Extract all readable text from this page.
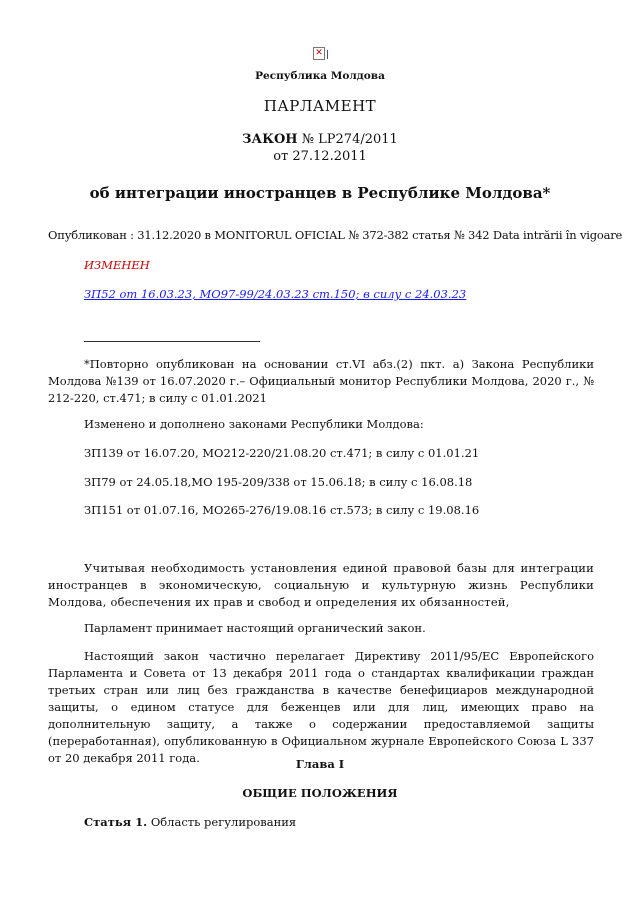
✕
Республика Молдова
ПАРЛАМЕНТ
ЗАКОН № LP274/2011
от 27.12.2011
об интеграции иностранцев в Республике Молдова*
Опубликован : 31.12.2020 в MONITORUL OFICIAL № 372-382 статья № 342 Data intrării în vigoare
ИЗМЕНЕН
ЗП52 от 16.03.23, MO97-99/24.03.23 ст.150; в силу с 24.03.23

*Повторно опубликован на основании ст.VI абз.(2) пкт. a) Закона Республики Молдова №139 от 16.07.2020 г.– Официальный монитор Республики Молдова, 2020 г., № 212-220, ст.471; в силу с 01.01.2021

Изменено и дополнено законами Республики Молдова:
ЗП139 от 16.07.20, MO212-220/21.08.20 ст.471; в силу с 01.01.21
ЗП79 от 24.05.18,MO 195-209/338 от 15.06.18; в силу с 16.08.18
ЗП151 от 01.07.16, MO265-276/19.08.16 ст.573; в силу с 19.08.16

Учитывая необходимость установления единой правовой базы для интеграции иностранцев в экономическую, социальную и культурную жизнь Республики Молдова, обеспечения их прав и свобод и определения их обязанностей,

Парламент принимает настоящий органический закон.

Настоящий закон частично перелагает Директиву 2011/95/ЕС Европейского Парламента и Совета от 13 декабря 2011 года о стандартах квалификации граждан третьих стран или лиц без гражданства в качестве бенефициаров международной защиты, о едином статусе для беженцев или для лиц, имеющих право на дополнительную защиту, а также о содержании предоставляемой защиты (переработанная), опубликованную в Официальном журнале Европейского Союза L 337 от 20 декабря 2011 года.	Глава I
ОБЩИЕ ПОЛОЖЕНИЯ
Статья 1. Область регулирования
